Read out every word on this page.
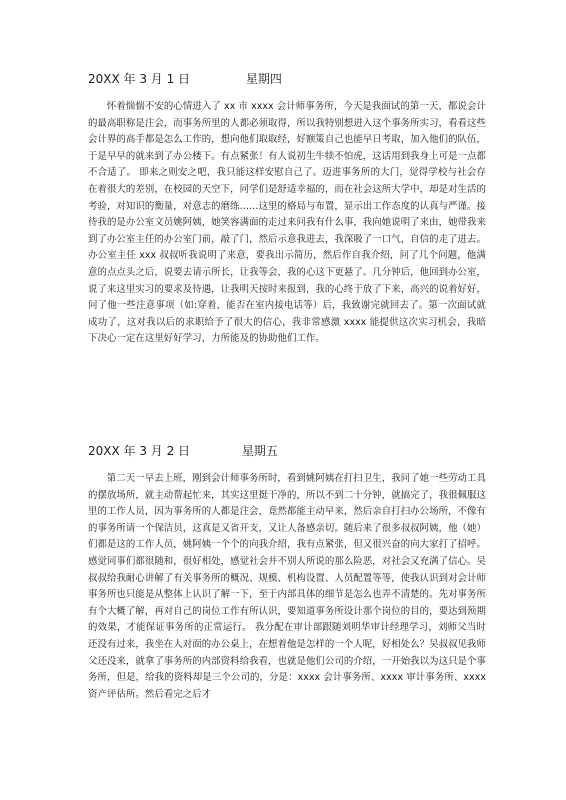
20XX 年 3 月 1 日	星期四

怀着惴惴不安的心情进入了 xx 市 xxxx 会计师事务所，今天是我面试的第一天，都说会计的最高职称是注会，而事务所里的人都必须取得，所以我特别想进入这个事务所实习，看看这些会计界的高手都是怎么工作的，想向他们取取经，好额策自己也能早日考取，加入他们的队伍，于是早早的就来到了办公楼下。有点紧张！有人说初生牛犊不怕虎，这话用到我身上可是一点都不合适了。 即来之则安之吧，我只能这样安慰自己了。迈进事务所的大门，觉得学校与社会存在着很大的差别，在校园的天空下，同学们是舒适幸福的，而在社会这所大学中，却是对生活的考验，对知识的衡量，对意志的磨练……这里的格局与布置，显示出工作态度的认真与严谨。接待我的是办公室文员姚阿姨，她笑容满面的走过来问我有什么事，我向她说明了来由，她带我来到了办公室主任的办公室门前，敲了门，然后示意我进去，我深吸了一口气，自信的走了进去。办公室主任 xxx 叔叔听我说明了来意，要我出示简历，然后作自我介绍，问了几个问题，他满意的点点头之后，说要去请示所长，让我等会，我的心这下更悬了。几分钟后，他回到办公室，说了来这里实习的要求及待遇，让我明天按时来报到，我的心终于放了下来，高兴的说着好好，问了他一些注意事项（如:穿着，能否在室内接电话等）后，我致谢完就回去了。第一次面试就成功了，这对我以后的求职给予了很大的信心，我非常感激 xxxx 能提供这次实习机会，我暗下决心一定在这里好好学习，力所能及的协助他们工作。

20XX 年 3 月 2 日	星期五

第二天一早去上班，刚到会计师事务所时，看到姚阿姨在打扫卫生，我问了她一些劳动工具的摆放场所，就主动帮起忙来，其实这里挺干净的，所以不到二十分钟，就搞完了，我很佩服这里的工作人员，因为事务所的人都是注会，竟然都能主动早来，然后亲自打扫办公场所，不像有的事务所请一个保洁员，这真是又省开支，又让人备感亲切。随后来了很多叔叔阿姨，他（她）们都是这的工作人员，姚阿姨一个个的向我介绍，我有点紧张，但又很兴奋的向大家打了招呼。感觉同事们都很随和，很好相处，感觉社会并不别人所说的那么险恶，对社会又充满了信心。吴叔叔给我耐心讲解了有关事务所的概况、规模、机构设置、人员配置等等，使我认识到对会计师事务所也只能是从整体上认识了解一下，至于内部具体的细节是怎么也弄不清楚的。先对事务所有个大概了解，再对自己的岗位工作有所认识，要知道事务所设计那个岗位的目的，要达到预期的效果，才能保证事务所的正常运行。 我分配在审计部跟随刘明华审计经理学习，刘师父当时还没有过来，我坐在人对面的办公桌上，在想着他是怎样的一个人呢，好相处么？吴叔叔见我师父还没来，就拿了事务所的内部资料给我看，也就是他们公司的介绍，一开始我以为这只是个事务所，但是，给我的资料却是三个公司的，分是：xxxx 会计事务所、xxxx 审计事务所、xxxx 资产评估所。然后看完之后才
